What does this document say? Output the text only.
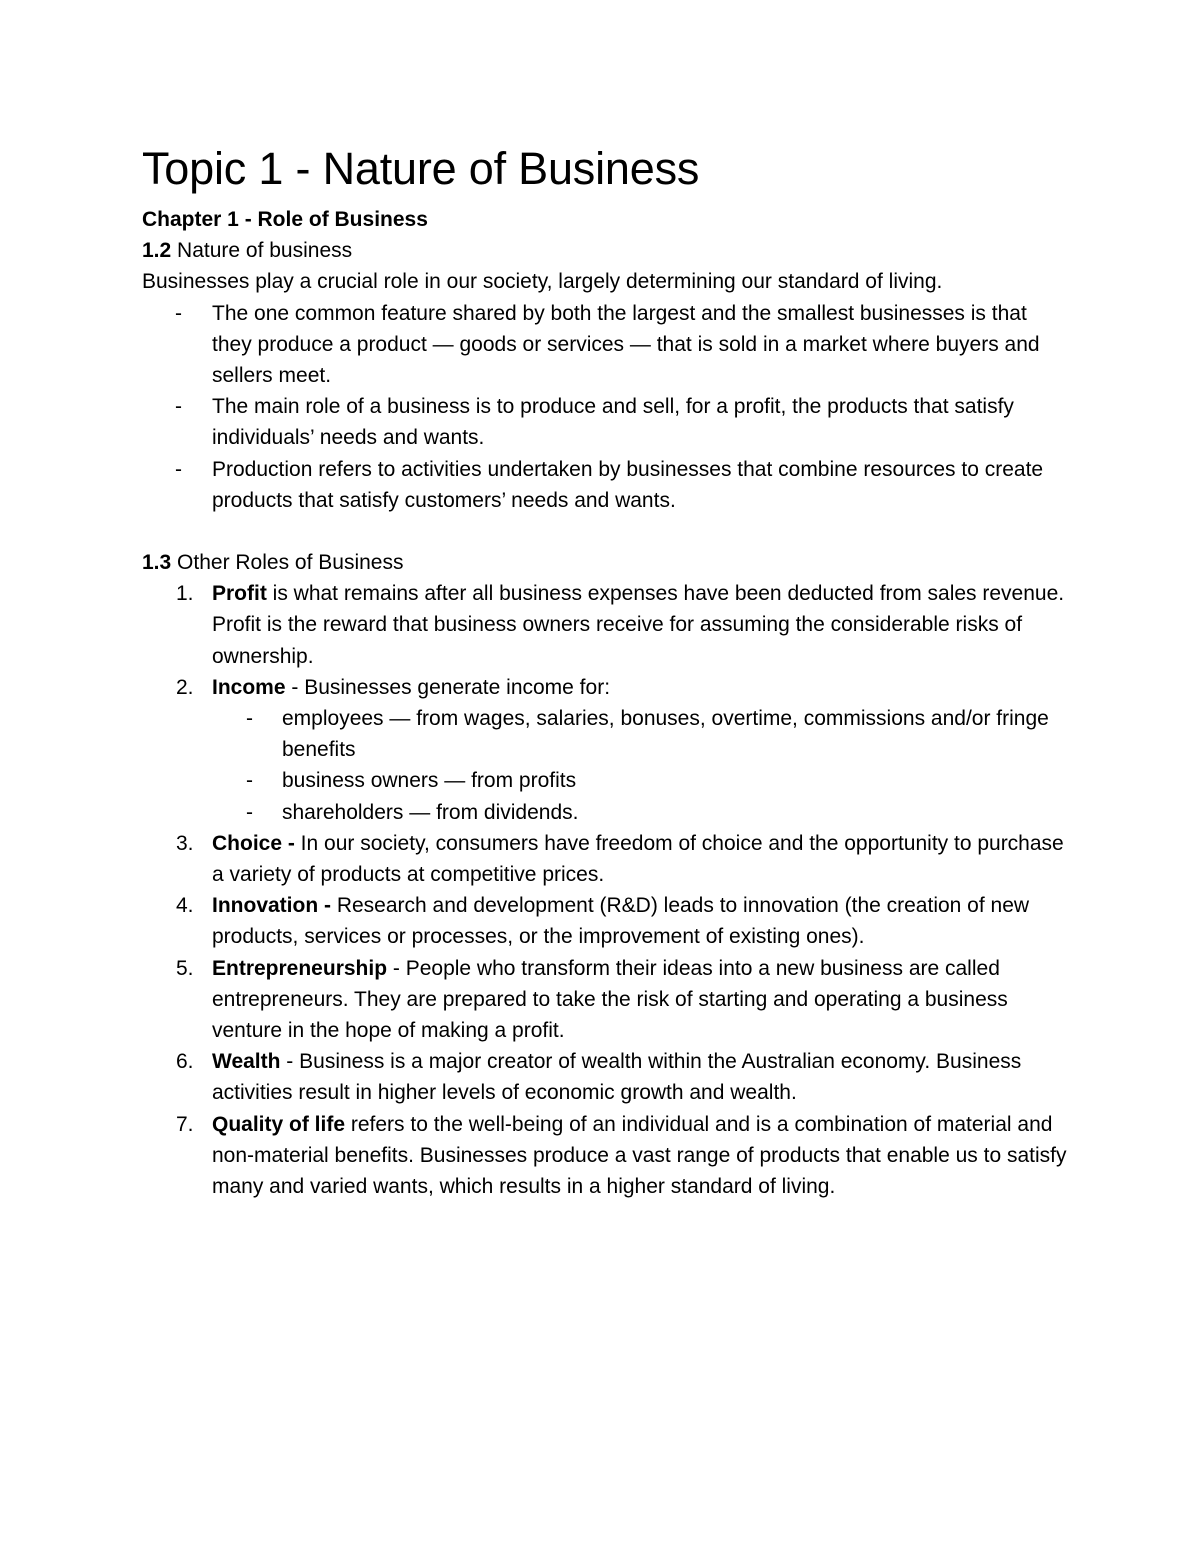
Topic 1 - Nature of Business

Chapter 1 - Role of Business

1.2 Nature of business

Businesses play a crucial role in our society, largely determining our standard of living.

- The one common feature shared by both the largest and the smallest businesses is that they produce a product — goods or services — that is sold in a market where buyers and sellers meet.
- The main role of a business is to produce and sell, for a profit, the products that satisfy individuals’ needs and wants.
- Production refers to activities undertaken by businesses that combine resources to create products that satisfy customers’ needs and wants.

1.3 Other Roles of Business

1. Profit is what remains after all business expenses have been deducted from sales revenue. Profit is the reward that business owners receive for assuming the considerable risks of ownership.
2. Income - Businesses generate income for:
- employees — from wages, salaries, bonuses, overtime, commissions and/or fringe benefits
- business owners — from profits
- shareholders — from dividends.
3. Choice - In our society, consumers have freedom of choice and the opportunity to purchase a variety of products at competitive prices.
4. Innovation - Research and development (R&D) leads to innovation (the creation of new products, services or processes, or the improvement of existing ones).
5. Entrepreneurship - People who transform their ideas into a new business are called entrepreneurs. They are prepared to take the risk of starting and operating a business venture in the hope of making a profit.
6. Wealth - Business is a major creator of wealth within the Australian economy. Business activities result in higher levels of economic growth and wealth.
7. Quality of life refers to the well-being of an individual and is a combination of material and non-material benefits. Businesses produce a vast range of products that enable us to satisfy many and varied wants, which results in a higher standard of living.
